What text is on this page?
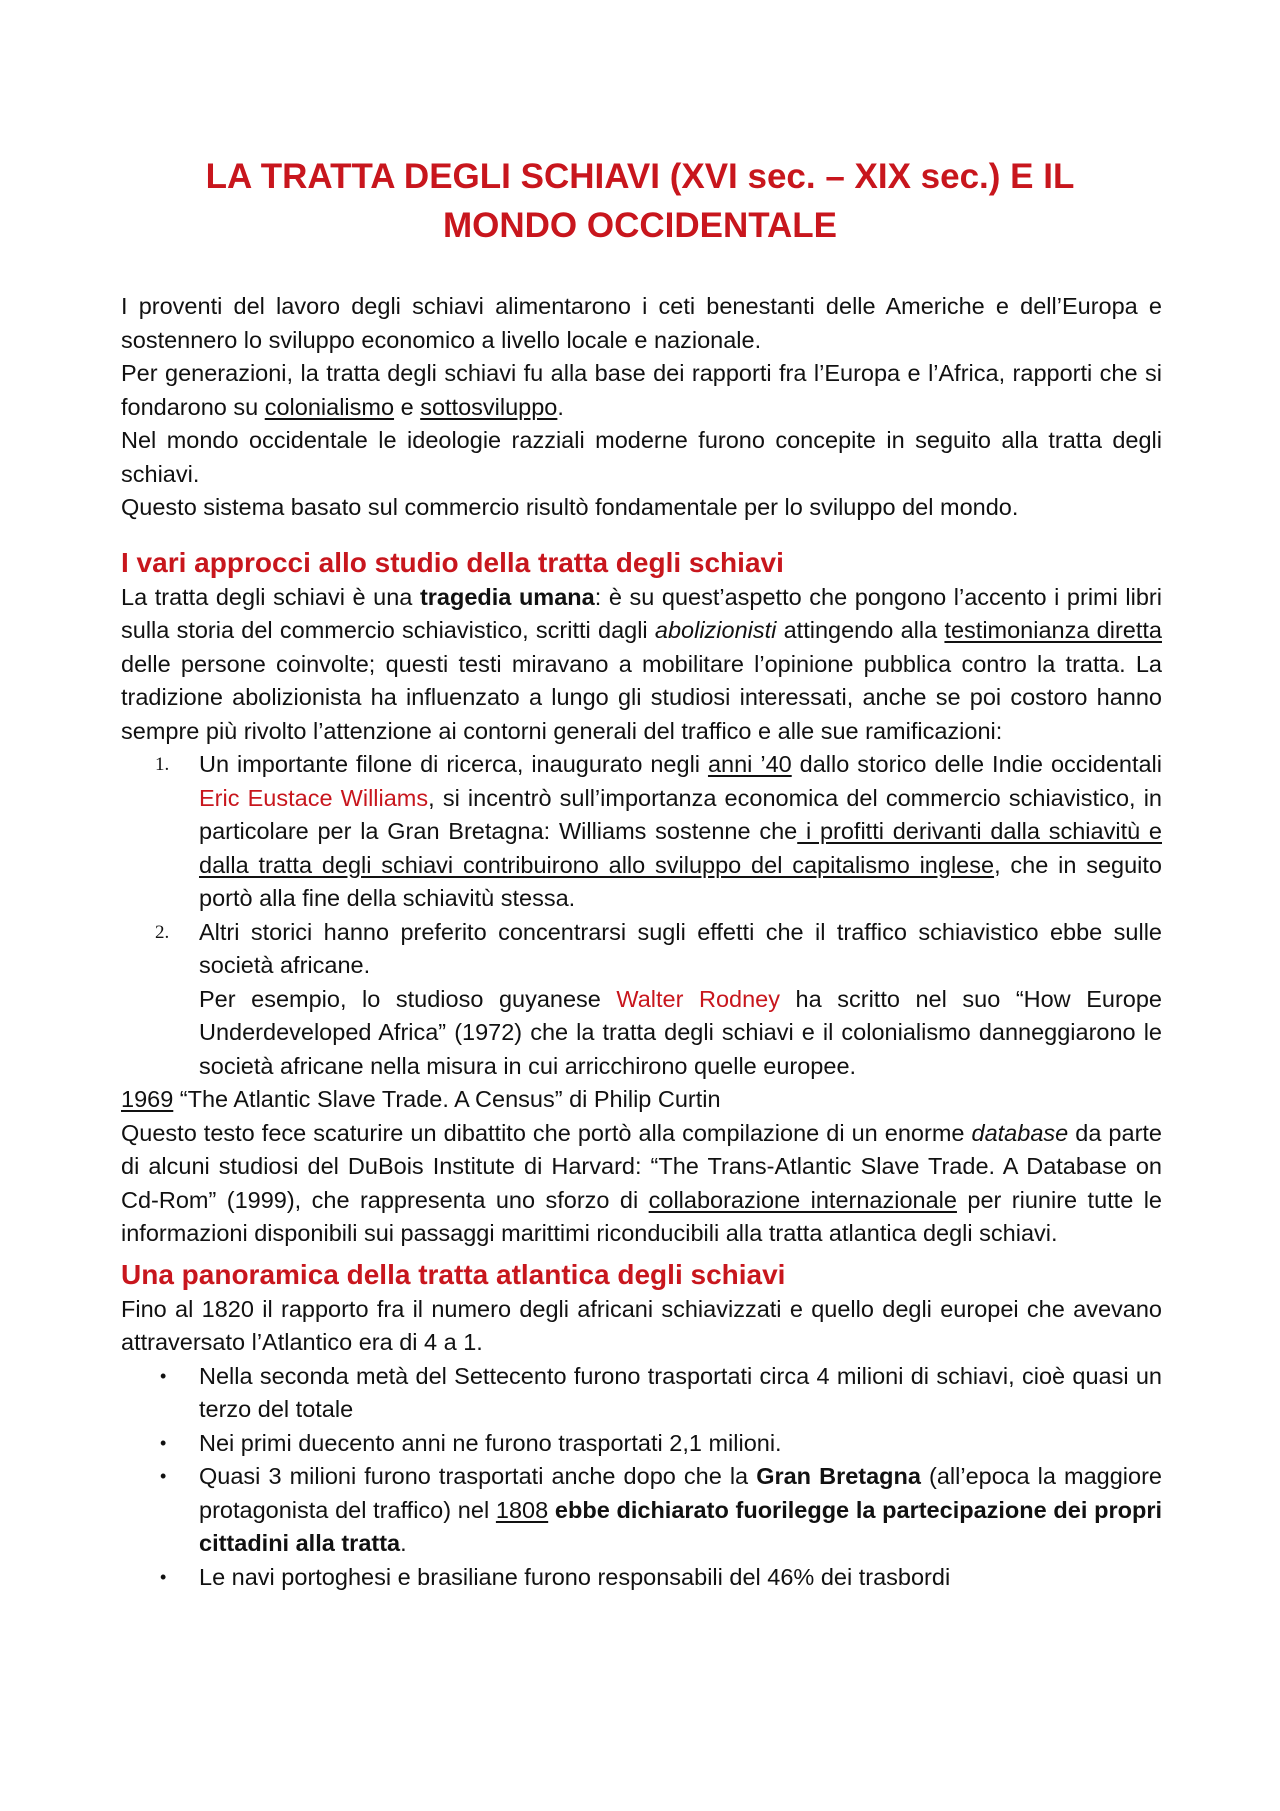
LA TRATTA DEGLI SCHIAVI (XVI sec. – XIX sec.) E IL
MONDO OCCIDENTALE

I proventi del lavoro degli schiavi alimentarono i ceti benestanti delle Americhe e dell’Europa e sostennero lo sviluppo economico a livello locale e nazionale.

Per generazioni, la tratta degli schiavi fu alla base dei rapporti fra l’Europa e l’Africa, rapporti che si fondarono su colonialismo e sottosviluppo.

Nel mondo occidentale le ideologie razziali moderne furono concepite in seguito alla tratta degli schiavi.

Questo sistema basato sul commercio risultò fondamentale per lo sviluppo del mondo.

I vari approcci allo studio della tratta degli schiavi

La tratta degli schiavi è una tragedia umana: è su quest’aspetto che pongono l’accento i primi libri sulla storia del commercio schiavistico, scritti dagli abolizionisti attingendo alla testimonianza diretta delle persone coinvolte; questi testi miravano a mobilitare l’opinione pubblica contro la tratta. La tradizione abolizionista ha influenzato a lungo gli studiosi interessati, anche se poi costoro hanno sempre più rivolto l’attenzione ai contorni generali del traffico e alle sue ramificazioni:

1. Un importante filone di ricerca, inaugurato negli anni ’40 dallo storico delle Indie occidentali Eric Eustace Williams, si incentrò sull’importanza economica del commercio schiavistico, in particolare per la Gran Bretagna: Williams sostenne che i profitti derivanti dalla schiavitù e dalla tratta degli schiavi contribuirono allo sviluppo del capitalismo inglese, che in seguito portò alla fine della schiavitù stessa.
2. Altri storici hanno preferito concentrarsi sugli effetti che il traffico schiavistico ebbe sulle società africane.

Per esempio, lo studioso guyanese Walter Rodney ha scritto nel suo “How Europe Underdeveloped Africa” (1972) che la tratta degli schiavi e il colonialismo danneggiarono le società africane nella misura in cui arricchirono quelle europee.

1969 “The Atlantic Slave Trade. A Census” di Philip Curtin

Questo testo fece scaturire un dibattito che portò alla compilazione di un enorme database da parte di alcuni studiosi del DuBois Institute di Harvard: “The Trans-Atlantic Slave Trade. A Database on Cd-Rom” (1999), che rappresenta uno sforzo di collaborazione internazionale per riunire tutte le informazioni disponibili sui passaggi marittimi riconducibili alla tratta atlantica degli schiavi.

Una panoramica della tratta atlantica degli schiavi

Fino al 1820 il rapporto fra il numero degli africani schiavizzati e quello degli europei che avevano attraversato l’Atlantico era di 4 a 1.

• Nella seconda metà del Settecento furono trasportati circa 4 milioni di schiavi, cioè quasi un terzo del totale
• Nei primi duecento anni ne furono trasportati 2,1 milioni.
• Quasi 3 milioni furono trasportati anche dopo che la Gran Bretagna (all’epoca la maggiore protagonista del traffico) nel 1808 ebbe dichiarato fuorilegge la partecipazione dei propri cittadini alla tratta.
• Le navi portoghesi e brasiliane furono responsabili del 46% dei trasbordi
